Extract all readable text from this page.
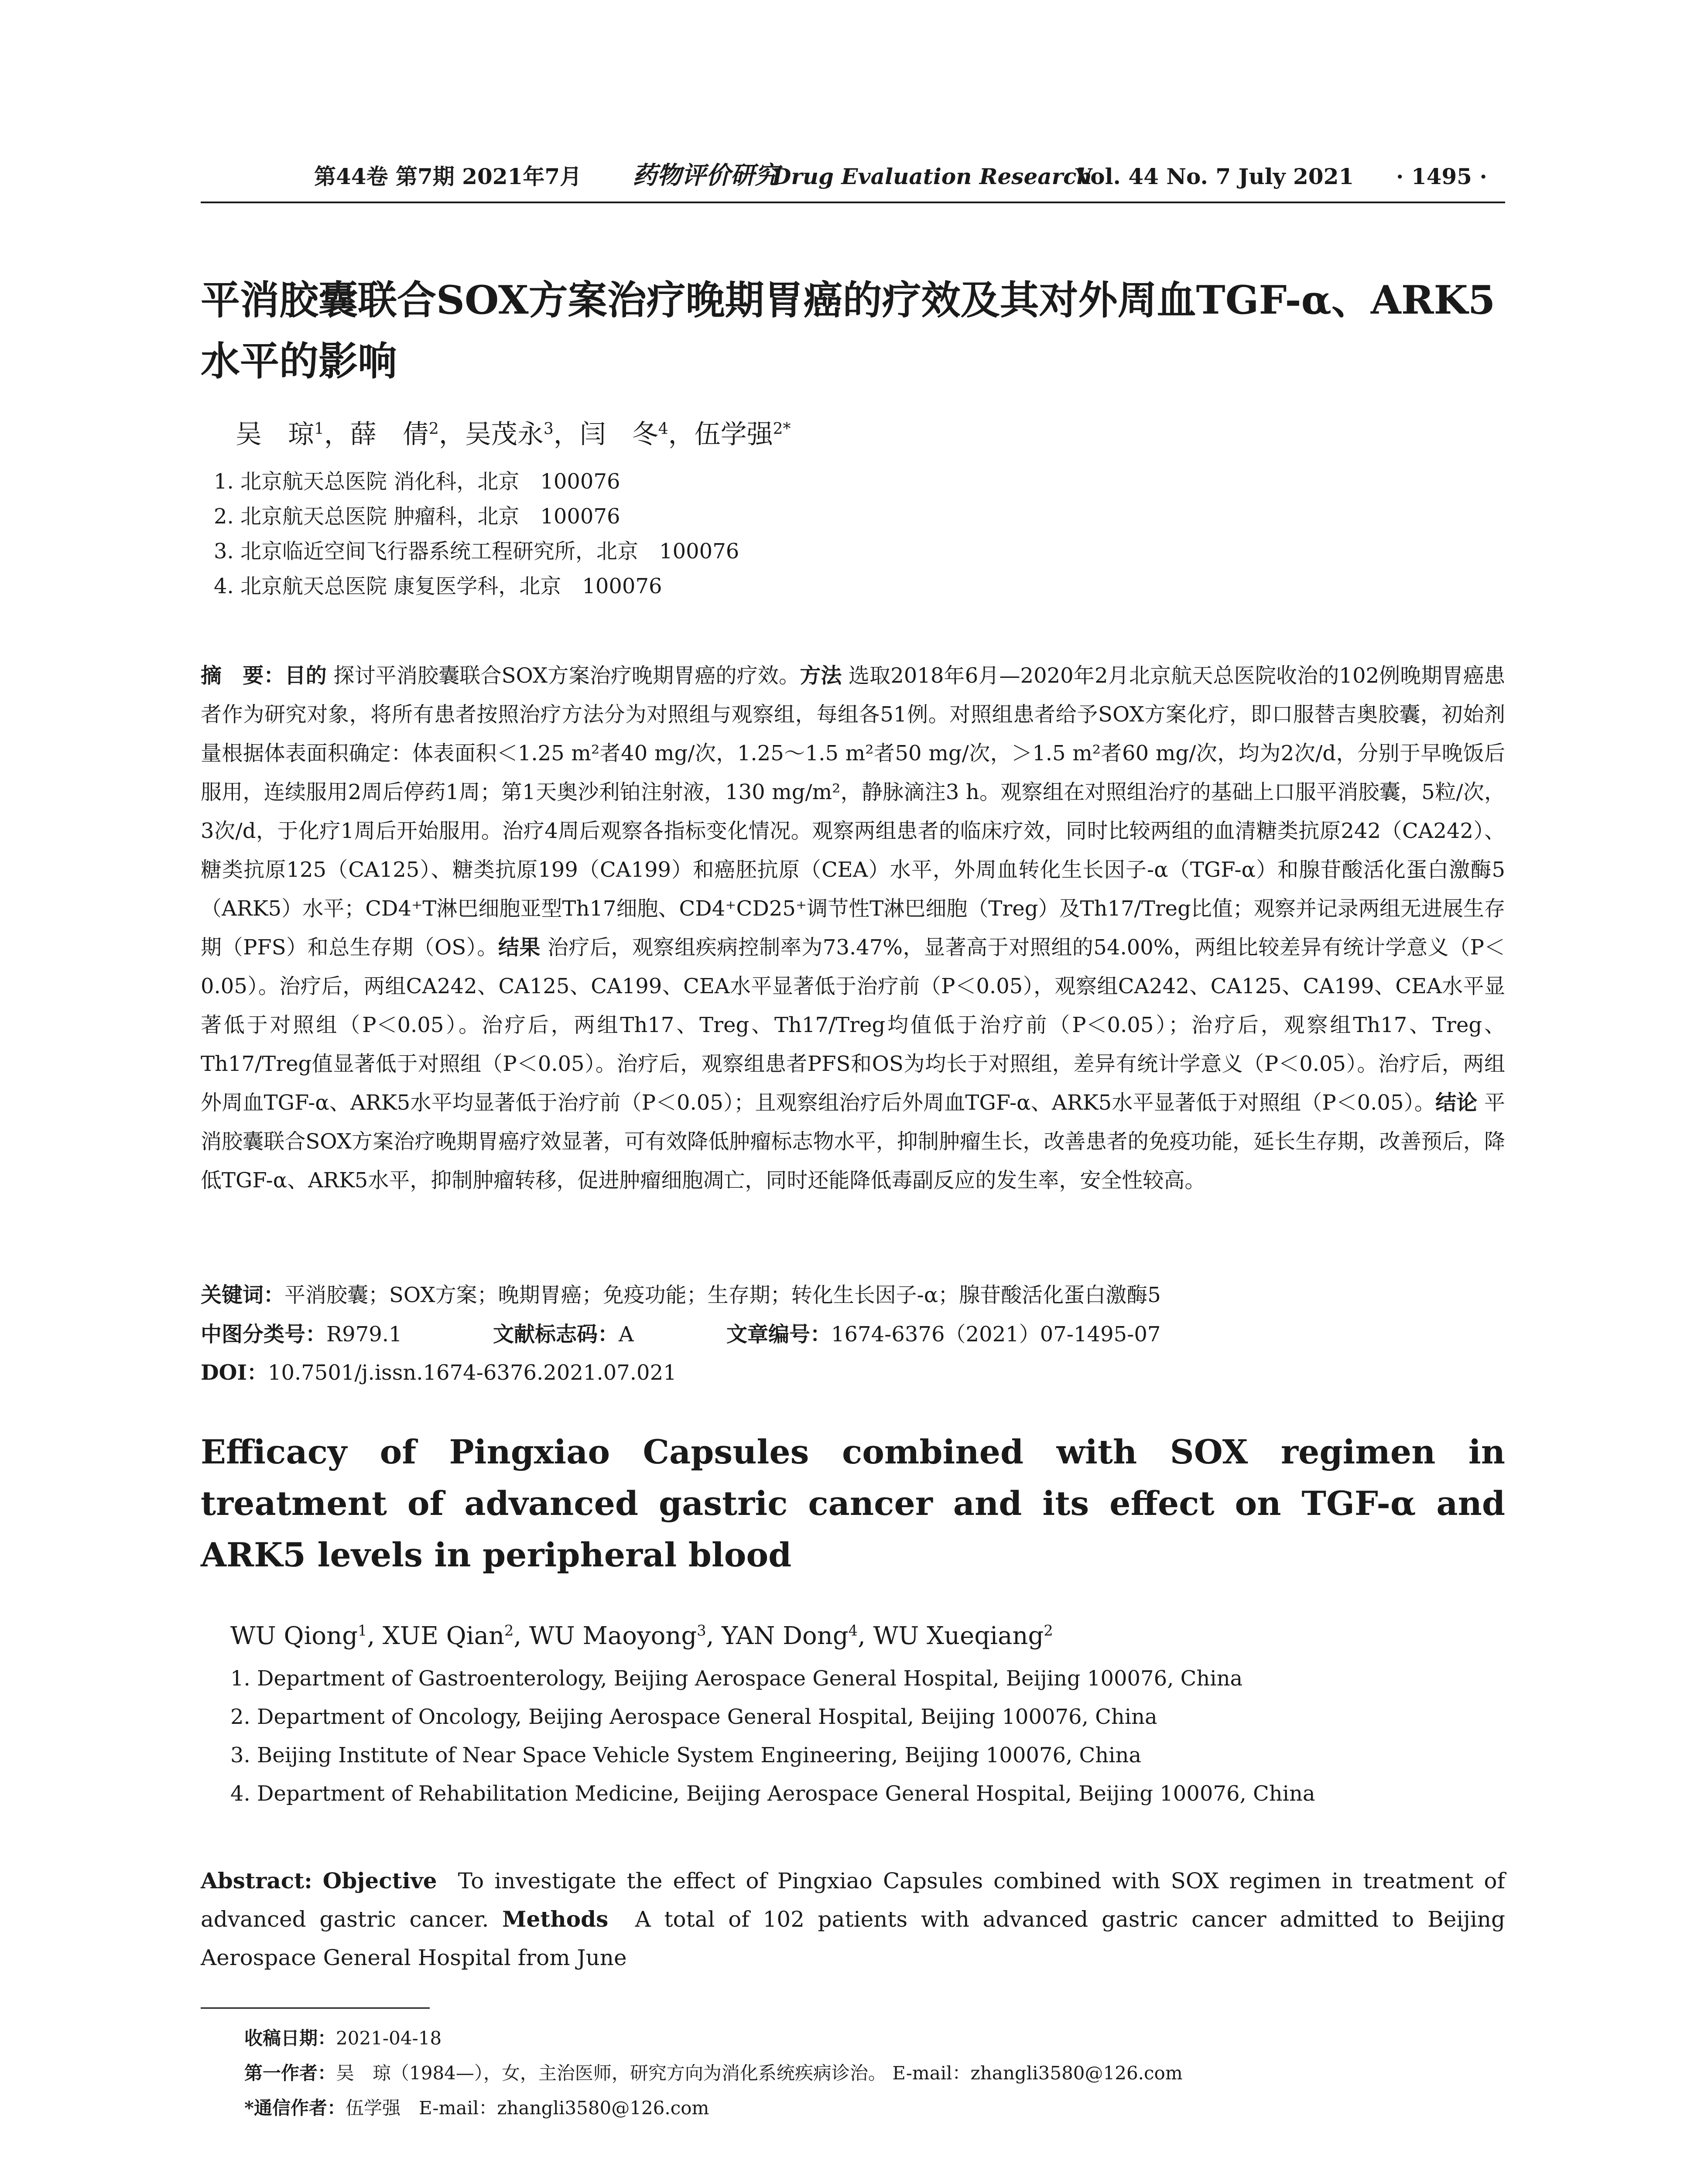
第44卷 第7期 2021年7月 药物评价研究
Drug Evaluation Research
Vol. 44 No. 7 July 2021 · 1495 ·
平消胶囊联合SOX方案治疗晚期胃癌的疗效及其对外周血TGF-α、ARK5水平的影响
吴　琼$^1$，薛　倩$^2$，吴茂永$^3$，闫　冬$^4$，伍学强$^{2*}$
1. 北京航天总医院 消化科，北京　100076
2. 北京航天总医院 肿瘤科，北京　100076
3. 北京临近空间飞行器系统工程研究所，北京　100076
4. 北京航天总医院 康复医学科，北京　100076
摘　要：目的 探讨平消胶囊联合SOX方案治疗晚期胃癌的疗效。方法 选取2018年6月—2020年2月北京航天总医院收治的102例晚期胃癌患者作为研究对象，将所有患者按照治疗方法分为对照组与观察组，每组各51例。对照组患者给予SOX方案化疗，即口服替吉奥胶囊，初始剂量根据体表面积确定：体表面积＜1.25 m²者40 mg/次，1.25～1.5 m²者50 mg/次，＞1.5 m²者60 mg/次，均为2次/d，分别于早晚饭后服用，连续服用2周后停药1周；第1天奥沙利铂注射液，130 mg/m²，静脉滴注3 h。观察组在对照组治疗的基础上口服平消胶囊，5粒/次，3次/d，于化疗1周后开始服用。治疗4周后观察各指标变化情况。观察两组患者的临床疗效，同时比较两组的血清糖类抗原242（CA242）、糖类抗原125（CA125）、糖类抗原199（CA199）和癌胚抗原（CEA）水平，外周血转化生长因子-α（TGF-α）和腺苷酸活化蛋白激酶5（ARK5）水平；CD4⁺T淋巴细胞亚型Th17细胞、CD4⁺CD25⁺调节性T淋巴细胞（Treg）及Th17/Treg比值；观察并记录两组无进展生存期（PFS）和总生存期（OS）。结果 治疗后，观察组疾病控制率为73.47%，显著高于对照组的54.00%，两组比较差异有统计学意义（P＜0.05）。治疗后，两组CA242、CA125、CA199、CEA水平显著低于治疗前（P＜0.05），观察组CA242、CA125、CA199、CEA水平显著低于对照组（P＜0.05）。治疗后，两组Th17、Treg、Th17/Treg均值低于治疗前（P＜0.05）；治疗后，观察组Th17、Treg、Th17/Treg值显著低于对照组（P＜0.05）。治疗后，观察组患者PFS和OS为均长于对照组，差异有统计学意义（P＜0.05）。治疗后，两组外周血TGF-α、ARK5水平均显著低于治疗前（P＜0.05）；且观察组治疗后外周血TGF-α、ARK5水平显著低于对照组（P＜0.05）。结论 平消胶囊联合SOX方案治疗晚期胃癌疗效显著，可有效降低肿瘤标志物水平，抑制肿瘤生长，改善患者的免疫功能，延长生存期，改善预后，降低TGF-α、ARK5水平，抑制肿瘤转移，促进肿瘤细胞凋亡，同时还能降低毒副反应的发生率，安全性较高。
关键词：平消胶囊；SOX方案；晚期胃癌；免疫功能；生存期；转化生长因子-α；腺苷酸活化蛋白激酶5
中图分类号：R979.1	文献标志码：A	文章编号：1674-6376（2021）07-1495-07
DOI：10.7501/j.issn.1674-6376.2021.07.021
Efficacy of Pingxiao Capsules combined with SOX regimen in treatment of advanced gastric cancer and its effect on TGF-α and ARK5 levels in peripheral blood
WU Qiong$^1$, XUE Qian$^2$, WU Maoyong$^3$, YAN Dong$^4$, WU Xueqiang$^2$
1. Department of Gastroenterology, Beijing Aerospace General Hospital, Beijing 100076, China
2. Department of Oncology, Beijing Aerospace General Hospital, Beijing 100076, China
3. Beijing Institute of Near Space Vehicle System Engineering, Beijing 100076, China
4. Department of Rehabilitation Medicine, Beijing Aerospace General Hospital, Beijing 100076, China
Abstract: Objective To investigate the effect of Pingxiao Capsules combined with SOX regimen in treatment of advanced gastric cancer. Methods A total of 102 patients with advanced gastric cancer admitted to Beijing Aerospace General Hospital from June
收稿日期：2021-04-18
第一作者：吴　琼（1984—），女，主治医师，研究方向为消化系统疾病诊治。 E-mail：zhangli3580@126.com
*通信作者：伍学强　E-mail：zhangli3580@126.com
